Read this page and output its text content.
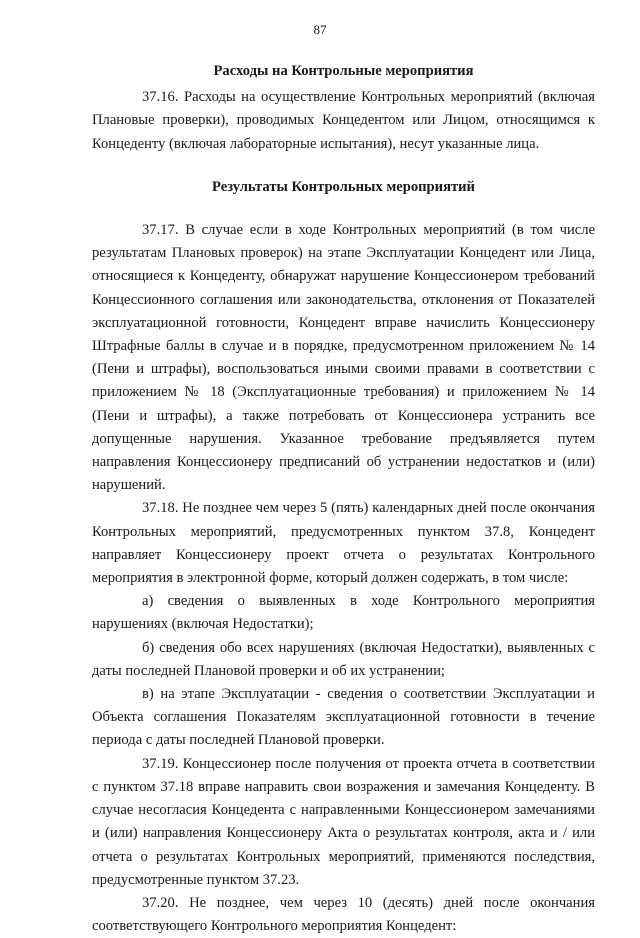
87

Расходы на Контрольные мероприятия

37.16. Расходы на осуществление Контрольных мероприятий (включая Плановые проверки), проводимых Концедентом или Лицом, относящимся к Концеденту (включая лабораторные испытания), несут указанные лица.

Результаты Контрольных мероприятий

37.17. В случае если в ходе Контрольных мероприятий (в том числе результатам Плановых проверок) на этапе Эксплуатации Концедент или Лица, относящиеся к Концеденту, обнаружат нарушение Концессионером требований Концессионного соглашения или законодательства, отклонения от Показателей эксплуатационной готовности, Концедент вправе начислить Концессионеру Штрафные баллы в случае и в порядке, предусмотренном приложением № 14 (Пени и штрафы), воспользоваться иными своими правами в соответствии с приложением № 18 (Эксплуатационные требования) и приложением № 14 (Пени и штрафы), а также потребовать от Концессионера устранить все допущенные нарушения. Указанное требование предъявляется путем направления Концессионеру предписаний об устранении недостатков и (или) нарушений.

37.18. Не позднее чем через 5 (пять) календарных дней после окончания Контрольных мероприятий, предусмотренных пунктом 37.8, Концедент направляет Концессионеру проект отчета о результатах Контрольного мероприятия в электронной форме, который должен содержать, в том числе:

а) сведения о выявленных в ходе Контрольного мероприятия нарушениях (включая Недостатки);

б) сведения обо всех нарушениях (включая Недостатки), выявленных с даты последней Плановой проверки и об их устранении;

в) на этапе Эксплуатации - сведения о соответствии Эксплуатации и Объекта соглашения Показателям эксплуатационной готовности в течение периода с даты последней Плановой проверки.

37.19. Концессионер после получения от проекта отчета в соответствии с пунктом 37.18 вправе направить свои возражения и замечания Концеденту. В случае несогласия Концедента с направленными Концессионером замечаниями и (или) направления Концессионеру Акта о результатах контроля, акта и / или отчета о результатах Контрольных мероприятий, применяются последствия, предусмотренные пунктом 37.23.

37.20. Не позднее, чем через 10 (десять) дней после окончания соответствующего Контрольного мероприятия Концедент:
